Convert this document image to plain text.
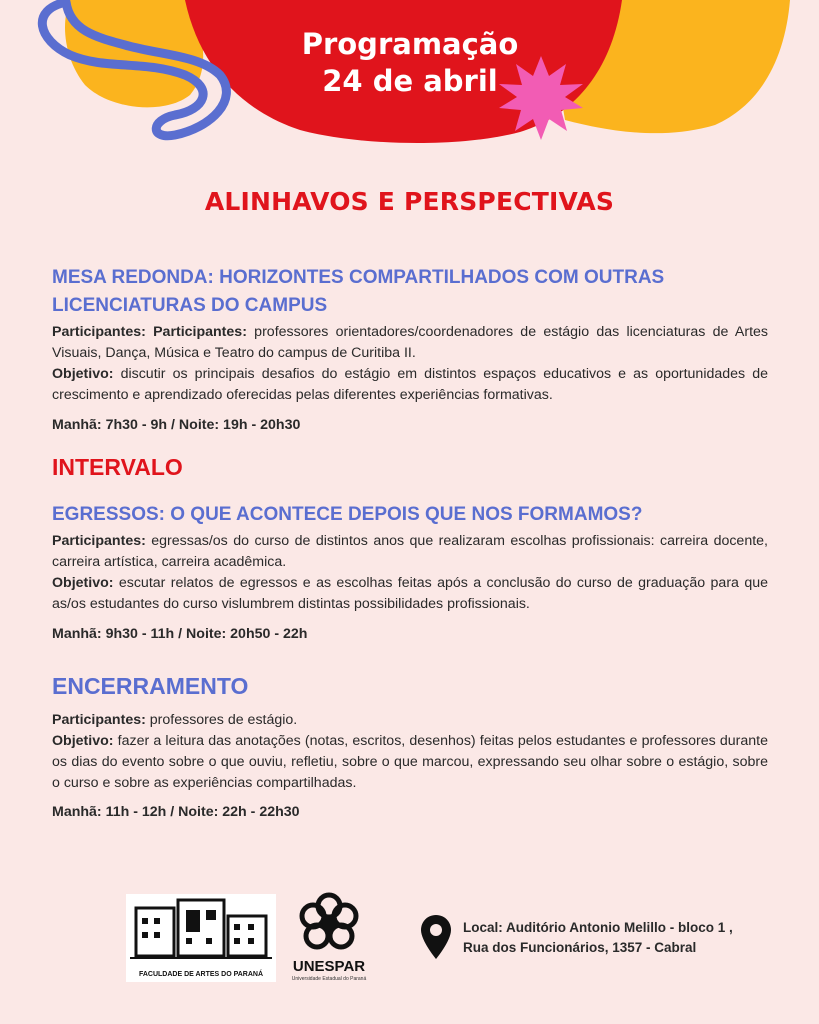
Programação
24 de abril
ALINHAVOS E PERSPECTIVAS

MESA REDONDA: HORIZONTES COMPARTILHADOS COM OUTRAS
LICENCIATURAS DO CAMPUS

Participantes: Participantes: professores orientadores/coordenadores de estágio das licenciaturas de Artes Visuais, Dança, Música e Teatro do campus de Curitiba II.

Objetivo: discutir os principais desafios do estágio em distintos espaços educativos e as oportunidades de crescimento e aprendizado oferecidas pelas diferentes experiências formativas.

Manhã: 7h30 - 9h / Noite: 19h - 20h30

INTERVALO

EGRESSOS: O QUE ACONTECE DEPOIS QUE NOS FORMAMOS?

Participantes: egressas/os do curso de distintos anos que realizaram escolhas profissionais: carreira docente, carreira artística, carreira acadêmica.

Objetivo: escutar relatos de egressos e as escolhas feitas após a conclusão do curso de graduação para que as/os estudantes do curso vislumbrem distintas possibilidades profissionais.

Manhã: 9h30 - 11h / Noite: 20h50 - 22h

ENCERRAMENTO

Participantes: professores de estágio.

Objetivo: fazer a leitura das anotações (notas, escritos, desenhos) feitas pelos estudantes e professores durante os dias do evento sobre o que ouviu, refletiu, sobre o que marcou, expressando seu olhar sobre o estágio, sobre o curso e sobre as experiências compartilhadas.

Manhã: 11h - 12h / Noite: 22h - 22h30

FACULDADE DE ARTES DO PARANÁ	UNESPAR
Universidade Estadual do Paraná
Local: Auditório Antonio Melillo - bloco 1 ,
Rua dos Funcionários, 1357 - Cabral
